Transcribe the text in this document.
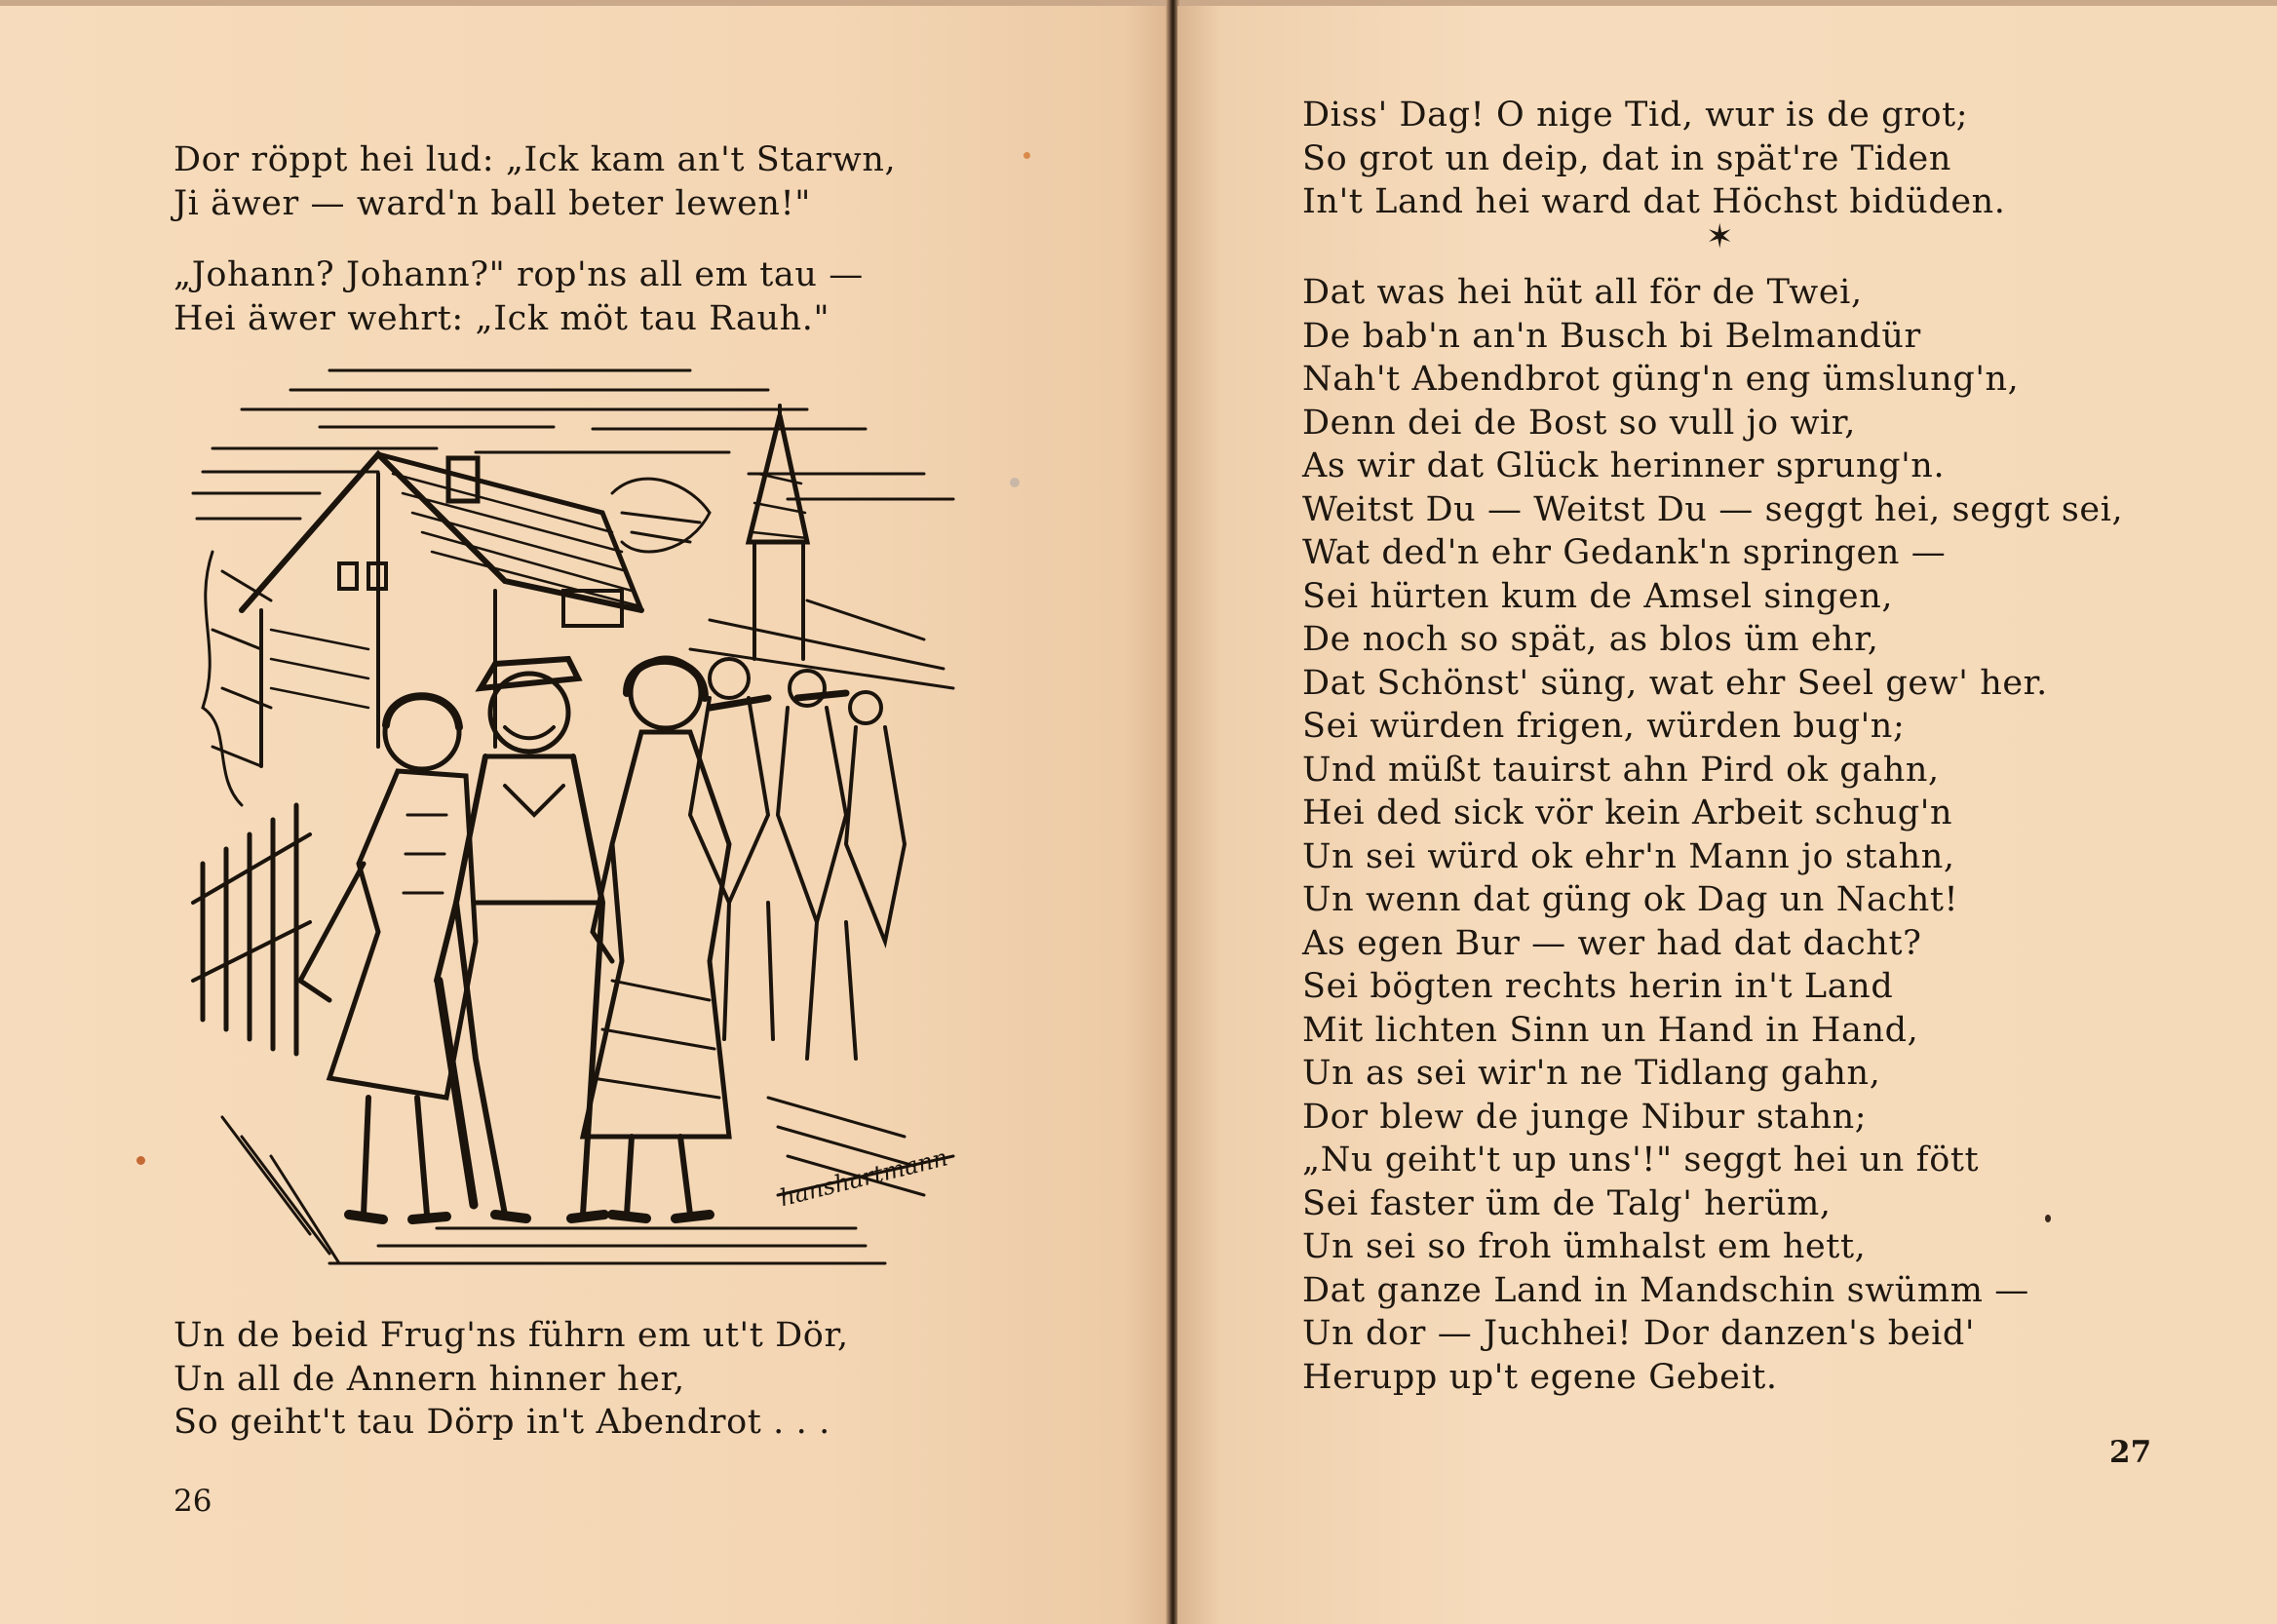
Dor röppt hei lud: „Ick kam an't Starwn,
Ji äwer — ward'n ball beter lewen!"
„Johann? Johann?" rop'ns all em tau —
Hei äwer wehrt: „Ick möt tau Rauh."
hanshartmann
Un de beid Frug'ns führn em ut't Dör,
Un all de Annern hinner her,
So geiht't tau Dörp in't Abendrot . . .
26
Diss' Dag! O nige Tid, wur is de grot;
So grot un deip, dat in spät're Tiden
In't Land hei ward dat Höchst bidüden.
✶
Dat was hei hüt all för de Twei,
De bab'n an'n Busch bi Belmandür
Nah't Abendbrot güng'n eng ümslung'n,
Denn dei de Bost so vull jo wir,
As wir dat Glück herinner sprung'n.
Weitst Du — Weitst Du — seggt hei, seggt sei,
Wat ded'n ehr Gedank'n springen —
Sei hürten kum de Amsel singen,
De noch so spät, as blos üm ehr,
Dat Schönst' süng, wat ehr Seel gew' her.
Sei würden frigen, würden bug'n;
Und müßt tauirst ahn Pird ok gahn,
Hei ded sick vör kein Arbeit schug'n
Un sei würd ok ehr'n Mann jo stahn,
Un wenn dat güng ok Dag un Nacht!
As egen Bur — wer had dat dacht?
Sei bögten rechts herin in't Land
Mit lichten Sinn un Hand in Hand,
Un as sei wir'n ne Tidlang gahn,
Dor blew de junge Nibur stahn;
„Nu geiht't up uns'!" seggt hei un fött
Sei faster üm de Talg' herüm,
Un sei so froh ümhalst em hett,
Dat ganze Land in Mandschin swümm —
Un dor — Juchhei! Dor danzen's beid'
Herupp up't egene Gebeit.
27
